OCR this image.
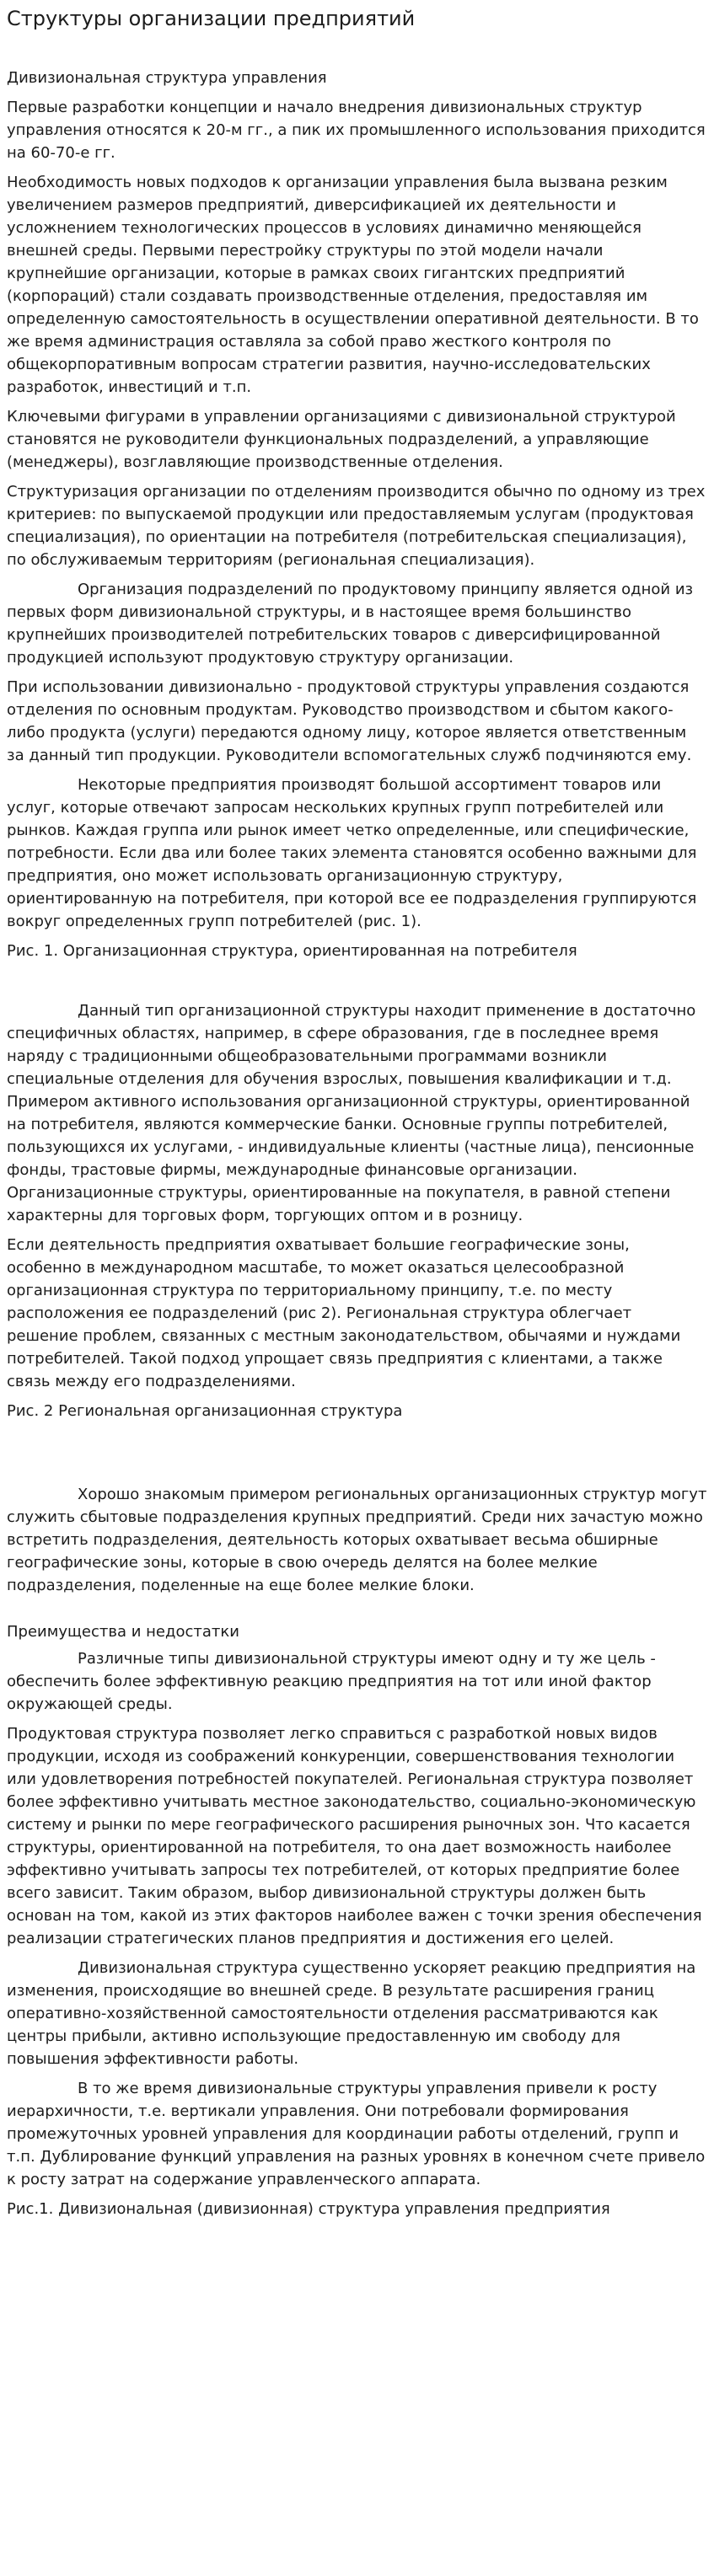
Структуры организации предприятий
Дивизиональная структура управления

Первые разработки концепции и начало внедрения дивизиональных структур управления относятся к 20-м гг., а пик их промышленного использования приходится на 60-70-е гг.

Необходимость новых подходов к организации управления была вызвана резким увеличением размеров предприятий, диверсификацией их деятельности и усложнением технологических процессов в условиях динамично меняющейся внешней среды. Первыми перестройку структуры по этой модели начали крупнейшие организации, которые в рамках своих гигантских предприятий (корпораций) стали создавать производственные отделения, предоставляя им определенную самостоятельность в осуществлении оперативной деятельности. В то же время администрация оставляла за собой право жесткого контроля по общекорпоративным вопросам стратегии развития, научно-исследовательских разработок, инвестиций и т.п.

Ключевыми фигурами в управлении организациями с дивизиональной структурой становятся не руководители функциональных подразделений, а управляющие (менеджеры), возглавляющие производственные отделения.

Структуризация организации по отделениям производится обычно по одному из трех критериев: по выпускаемой продукции или предоставляемым услугам (продуктовая специализация), по ориентации на потребителя (потребительская специализация), по обслуживаемым территориям (региональная специализация).

Организация подразделений по продуктовому принципу является одной из первых форм дивизиональной структуры, и в настоящее время большинство крупнейших производителей потребительских товаров с диверсифицированной продукцией используют продуктовую структуру организации.

При использовании дивизионально - продуктовой структуры управления создаются отделения по основным продуктам. Руководство производством и сбытом какого-либо продукта (услуги) передаются одному лицу, которое является ответственным за данный тип продукции. Руководители вспомогательных служб подчиняются ему.

Некоторые предприятия производят большой ассортимент товаров или услуг, которые отвечают запросам нескольких крупных групп потребителей или рынков. Каждая группа или рынок имеет четко определенные, или специфические, потребности. Если два или более таких элемента становятся особенно важными для предприятия, оно может использовать организационную структуру, ориентированную на потребителя, при которой все ее подразделения группируются вокруг определенных групп потребителей (рис. 1).

Рис. 1. Организационная структура, ориентированная на потребителя

Данный тип организационной структуры находит применение в достаточно специфичных областях, например, в сфере образования, где в последнее время наряду с традиционными общеобразовательными программами возникли специальные отделения для обучения взрослых, повышения квалификации и т.д. Примером активного использования организационной структуры, ориентированной на потребителя, являются коммерческие банки. Основные группы потребителей, пользующихся их услугами, - индивидуальные клиенты (частные лица), пенсионные фонды, трастовые фирмы, международные финансовые организации. Организационные структуры, ориентированные на покупателя, в равной степени характерны для торговых форм, торгующих оптом и в розницу.

Если деятельность предприятия охватывает большие географические зоны, особенно в международном масштабе, то может оказаться целесообразной организационная структура по территориальному принципу, т.е. по месту расположения ее подразделений (рис 2). Региональная структура облегчает решение проблем, связанных с местным законодательством, обычаями и нуждами потребителей. Такой подход упрощает связь предприятия с клиентами, а также связь между его подразделениями.

Рис. 2 Региональная организационная структура

Хорошо знакомым примером региональных организационных структур могут служить сбытовые подразделения крупных предприятий. Среди них зачастую можно встретить подразделения, деятельность которых охватывает весьма обширные географические зоны, которые в свою очередь делятся на более мелкие подразделения, поделенные на еще более мелкие блоки.

Преимущества и недостатки

Различные типы дивизиональной структуры имеют одну и ту же цель - обеспечить более эффективную реакцию предприятия на тот или иной фактор окружающей среды.

Продуктовая структура позволяет легко справиться с разработкой новых видов продукции, исходя из соображений конкуренции, совершенствования технологии или удовлетворения потребностей покупателей. Региональная структура позволяет более эффективно учитывать местное законодательство, социально-экономическую систему и рынки по мере географического расширения рыночных зон. Что касается структуры, ориентированной на потребителя, то она дает возможность наиболее эффективно учитывать запросы тех потребителей, от которых предприятие более всего зависит. Таким образом, выбор дивизиональной структуры должен быть основан на том, какой из этих факторов наиболее важен с точки зрения обеспечения реализации стратегических планов предприятия и достижения его целей.

Дивизиональная структура существенно ускоряет реакцию предприятия на изменения, происходящие во внешней среде. В результате расширения границ оперативно-хозяйственной самостоятельности отделения рассматриваются как центры прибыли, активно использующие предоставленную им свободу для повышения эффективности работы.

В то же время дивизиональные структуры управления привели к росту иерархичности, т.е. вертикали управления. Они потребовали формирования промежуточных уровней управления для координации работы отделений, групп и т.п. Дублирование функций управления на разных уровнях в конечном счете привело к росту затрат на содержание управленческого аппарата.

Рис.1. Дивизиональная (дивизионная) структура управления предприятия
